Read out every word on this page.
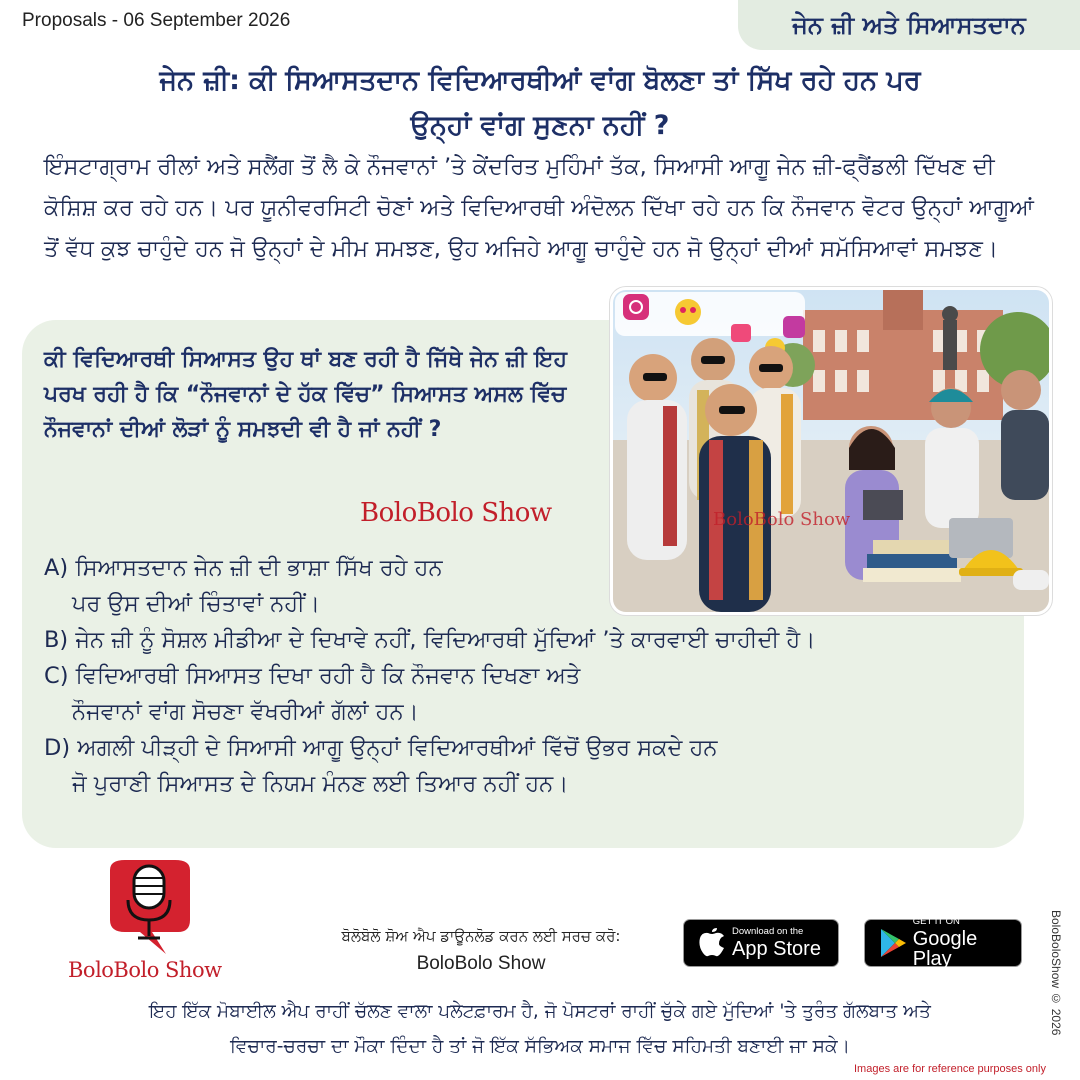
Proposals - 06 September 2026	ਜੇਨ ਜ਼ੀ ਅਤੇ ਸਿਆਸਤਦਾਨ
ਜੇਨ ਜ਼ੀ: ਕੀ ਸਿਆਸਤਦਾਨ ਵਿਦਿਆਰਥੀਆਂ ਵਾਂਗ ਬੋਲਣਾ ਤਾਂ ਸਿੱਖ ਰਹੇ ਹਨ ਪਰ
ਉਨ੍ਹਾਂ ਵਾਂਗ ਸੁਣਨਾ ਨਹੀਂ ?
ਇੰਸਟਾਗ੍ਰਾਮ ਰੀਲਾਂ ਅਤੇ ਸਲੈਂਗ ਤੋਂ ਲੈ ਕੇ ਨੌਜਵਾਨਾਂ ’ਤੇ ਕੇਂਦਰਿਤ ਮੁਹਿੰਮਾਂ ਤੱਕ, ਸਿਆਸੀ ਆਗੂ ਜੇਨ ਜ਼ੀ-ਫ੍ਰੈਂਡਲੀ ਦਿੱਖਣ ਦੀ ਕੋਸ਼ਿਸ਼ ਕਰ ਰਹੇ ਹਨ। ਪਰ ਯੂਨੀਵਰਸਿਟੀ ਚੋਣਾਂ ਅਤੇ ਵਿਦਿਆਰਥੀ ਅੰਦੋਲਨ ਦਿੱਖਾ ਰਹੇ ਹਨ ਕਿ ਨੌਜਵਾਨ ਵੋਟਰ ਉਨ੍ਹਾਂ ਆਗੂਆਂ ਤੋਂ ਵੱਧ ਕੁਝ ਚਾਹੁੰਦੇ ਹਨ ਜੋ ਉਨ੍ਹਾਂ ਦੇ ਮੀਮ ਸਮਝਣ, ਉਹ ਅਜਿਹੇ ਆਗੂ ਚਾਹੁੰਦੇ ਹਨ ਜੋ ਉਨ੍ਹਾਂ ਦੀਆਂ ਸਮੱਸਿਆਵਾਂ ਸਮਝਣ।
ਕੀ ਵਿਦਿਆਰਥੀ ਸਿਆਸਤ ਉਹ ਥਾਂ ਬਣ ਰਹੀ ਹੈ ਜਿੱਥੇ ਜੇਨ ਜ਼ੀ ਇਹ ਪਰਖ ਰਹੀ ਹੈ ਕਿ “ਨੌਜਵਾਨਾਂ ਦੇ ਹੱਕ ਵਿੱਚ” ਸਿਆਸਤ ਅਸਲ ਵਿੱਚ ਨੌਜਵਾਨਾਂ ਦੀਆਂ ਲੋੜਾਂ ਨੂੰ ਸਮਝਦੀ ਵੀ ਹੈ ਜਾਂ ਨਹੀਂ ?
BoloBolo Show	BoloBolo Show
A) ਸਿਆਸਤਦਾਨ ਜੇਨ ਜ਼ੀ ਦੀ ਭਾਸ਼ਾ ਸਿੱਖ ਰਹੇ ਹਨ
ਪਰ ਉਸ ਦੀਆਂ ਚਿੰਤਾਵਾਂ ਨਹੀਂ।
B) ਜੇਨ ਜ਼ੀ ਨੂੰ ਸੋਸ਼ਲ ਮੀਡੀਆ ਦੇ ਦਿਖਾਵੇ ਨਹੀਂ, ਵਿਦਿਆਰਥੀ ਮੁੱਦਿਆਂ ’ਤੇ ਕਾਰਵਾਈ ਚਾਹੀਦੀ ਹੈ।
C) ਵਿਦਿਆਰਥੀ ਸਿਆਸਤ ਦਿਖਾ ਰਹੀ ਹੈ ਕਿ ਨੌਜਵਾਨ ਦਿਖਣਾ ਅਤੇ
ਨੌਜਵਾਨਾਂ ਵਾਂਗ ਸੋਚਣਾ ਵੱਖਰੀਆਂ ਗੱਲਾਂ ਹਨ।
D) ਅਗਲੀ ਪੀੜ੍ਹੀ ਦੇ ਸਿਆਸੀ ਆਗੂ ਉਨ੍ਹਾਂ ਵਿਦਿਆਰਥੀਆਂ ਵਿੱਚੋਂ ਉਭਰ ਸਕਦੇ ਹਨ
ਜੋ ਪੁਰਾਣੀ ਸਿਆਸਤ ਦੇ ਨਿਯਮ ਮੰਨਣ ਲਈ ਤਿਆਰ ਨਹੀਂ ਹਨ।
BoloBolo Show
ਬੋਲੋਬੋਲੋ ਸ਼ੋਅ ਐਪ ਡਾਊਨਲੋਡ ਕਰਨ ਲਈ ਸਰਚ ਕਰੋ:
BoloBolo Show
Download on the
App Store
GET IT ON
Google Play	BoloBoloShow © 2026
ਇਹ ਇੱਕ ਮੋਬਾਈਲ ਐਪ ਰਾਹੀਂ ਚੱਲਣ ਵਾਲਾ ਪਲੇਟਫ਼ਾਰਮ ਹੈ, ਜੋ ਪੋਸਟਰਾਂ ਰਾਹੀਂ ਚੁੱਕੇ ਗਏ ਮੁੱਦਿਆਂ 'ਤੇ ਤੁਰੰਤ ਗੱਲਬਾਤ ਅਤੇ
ਵਿਚਾਰ-ਚਰਚਾ ਦਾ ਮੌਕਾ ਦਿੰਦਾ ਹੈ ਤਾਂ ਜੋ ਇੱਕ ਸੱਭਿਅਕ ਸਮਾਜ ਵਿੱਚ ਸਹਿਮਤੀ ਬਣਾਈ ਜਾ ਸਕੇ।
Images are for reference purposes only
